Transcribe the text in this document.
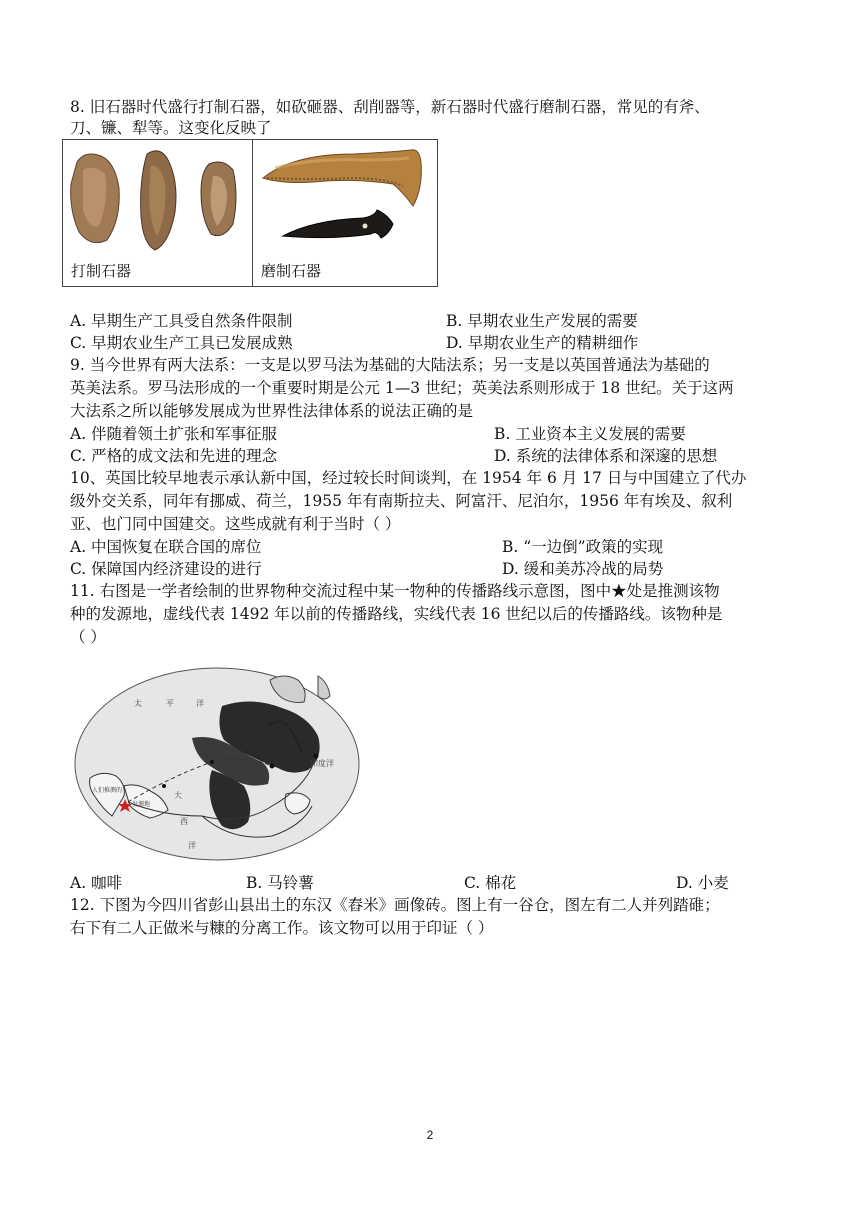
8. 旧石器时代盛行打制石器，如砍砸器、刮削器等，新石器时代盛行磨制石器，常见的有斧、
刀、镰、犁等。这变化反映了
打制石器	磨制石器
A. 早期生产工具受自然条件限制	B. 早期农业生产发展的需要
C. 早期农业生产工具已发展成熟	D. 早期农业生产的精耕细作
9. 当今世界有两大法系：一支是以罗马法为基础的大陆法系；另一支是以英国普通法为基础的
英美法系。罗马法形成的一个重要时期是公元 1—3 世纪；英美法系则形成于 18 世纪。关于这两
大法系之所以能够发展成为世界性法律体系的说法正确的是
A. 伴随着领土扩张和军事征服	B. 工业资本主义发展的需要
C. 严格的成文法和先进的理念	D. 系统的法律体系和深邃的思想
10、英国比较早地表示承认新中国，经过较长时间谈判，在 1954 年 6 月 17 日与中国建立了代办
级外交关系，同年有挪威、荷兰，1955 年有南斯拉夫、阿富汗、尼泊尔，1956 年有埃及、叙利
亚、也门同中国建交。这些成就有利于当时（ ）
A. 中国恢复在联合国的席位	B. “一边倒”政策的实现
C. 保障国内经济建设的进行	D. 缓和美苏冷战的局势
11. 右图是一学者绘制的世界物种交流过程中某一物种的传播路线示意图，图中★处是推测该物
种的发源地，虚线代表 1492 年以前的传播路线，实线代表 16 世纪以后的传播路线。该物种是
（ ）
太	平	洋
印度洋
大
西
洋
人们推测的
发源地
A. 咖啡	B. 马铃薯	C. 棉花	D. 小麦
12. 下图为今四川省彭山县出土的东汉《舂米》画像砖。图上有一谷仓，图左有二人并列踏碓；
右下有二人正做米与糠的分离工作。该文物可以用于印证（ ）
2
